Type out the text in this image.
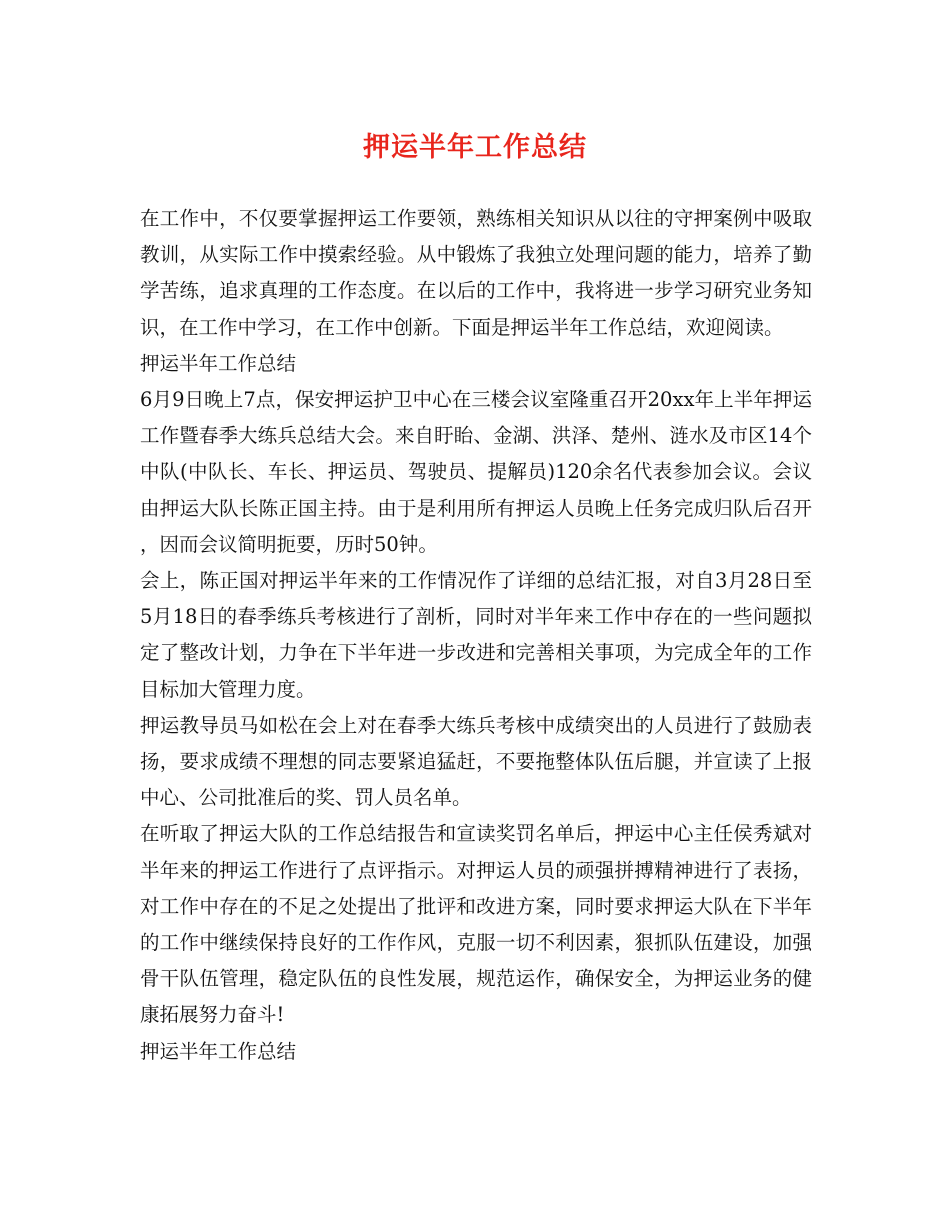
押运半年工作总结

在工作中，不仅要掌握押运工作要领，熟练相关知识从以往的守押案例中吸取教训，从实际工作中摸索经验。从中锻炼了我独立处理问题的能力，培养了勤学苦练，追求真理的工作态度。在以后的工作中，我将进一步学习研究业务知识，在工作中学习，在工作中创新。下面是押运半年工作总结，欢迎阅读。

押运半年工作总结

6月9日晚上7点，保安押运护卫中心在三楼会议室隆重召开20xx年上半年押运工作暨春季大练兵总结大会。来自盱眙、金湖、洪泽、楚州、涟水及市区14个中队(中队长、车长、押运员、驾驶员、提解员)120余名代表参加会议。会议由押运大队长陈正国主持。由于是利用所有押运人员晚上任务完成归队后召开，因而会议简明扼要，历时50钟。

会上，陈正国对押运半年来的工作情况作了详细的总结汇报，对自3月28日至5月18日的春季练兵考核进行了剖析，同时对半年来工作中存在的一些问题拟定了整改计划，力争在下半年进一步改进和完善相关事项，为完成全年的工作目标加大管理力度。

押运教导员马如松在会上对在春季大练兵考核中成绩突出的人员进行了鼓励表扬，要求成绩不理想的同志要紧追猛赶，不要拖整体队伍后腿，并宣读了上报中心、公司批准后的奖、罚人员名单。

在听取了押运大队的工作总结报告和宣读奖罚名单后，押运中心主任侯秀斌对半年来的押运工作进行了点评指示。对押运人员的顽强拼搏精神进行了表扬，对工作中存在的不足之处提出了批评和改进方案，同时要求押运大队在下半年的工作中继续保持良好的工作作风，克服一切不利因素，狠抓队伍建设，加强骨干队伍管理，稳定队伍的良性发展，规范运作，确保安全，为押运业务的健康拓展努力奋斗!

押运半年工作总结
